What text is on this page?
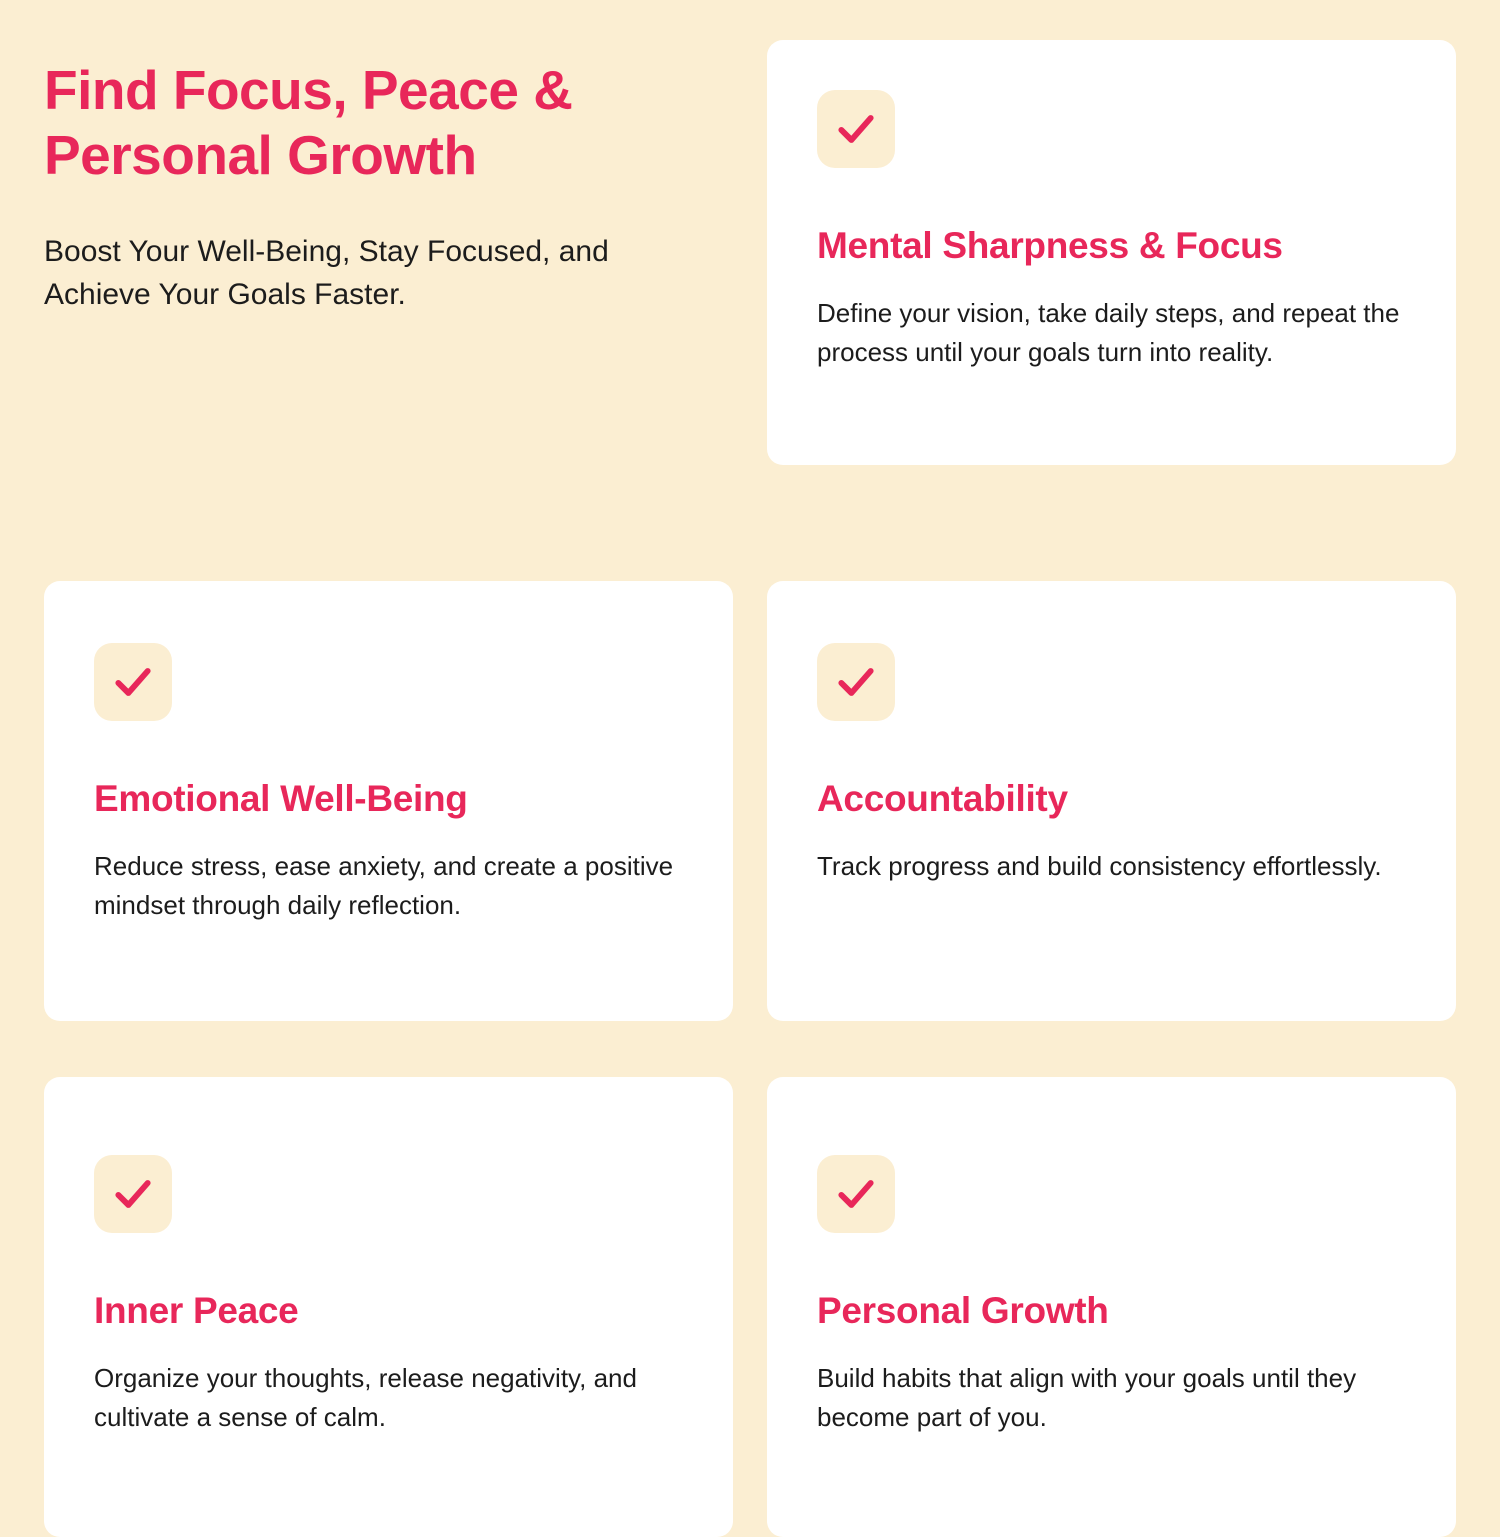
Find Focus, Peace & Personal Growth

Boost Your Well-Being, Stay Focused, and Achieve Your Goals Faster.

Mental Sharpness & Focus

Define your vision, take daily steps, and repeat the process until your goals turn into reality.

Emotional Well-Being

Reduce stress, ease anxiety, and create a positive mindset through daily reflection.

Accountability

Track progress and build consistency effortlessly.

Inner Peace

Organize your thoughts, release negativity, and cultivate a sense of calm.

Personal Growth

Build habits that align with your goals until they become part of you.
